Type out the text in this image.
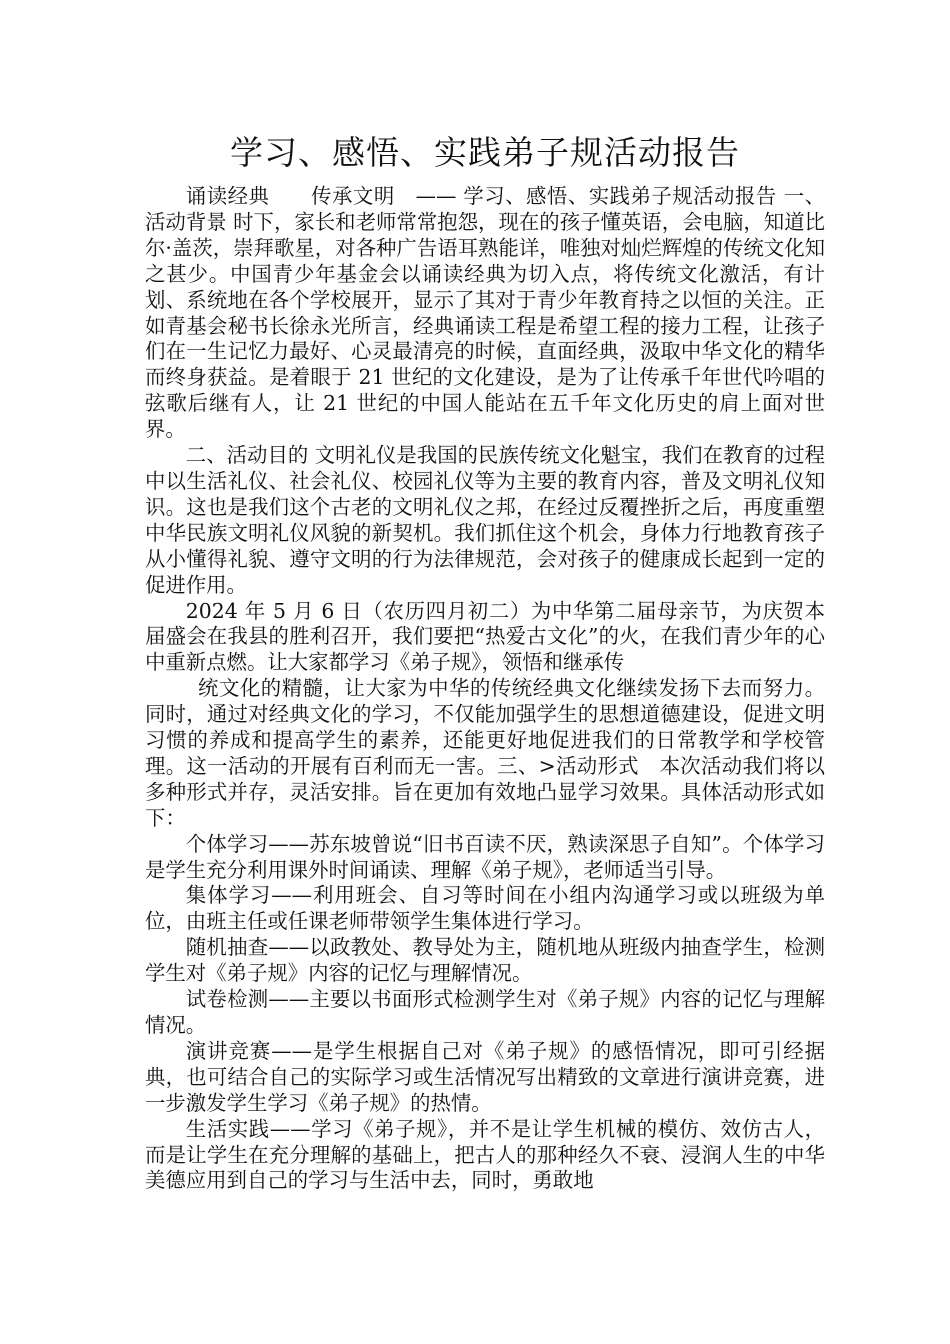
学习、感悟、实践弟子规活动报告

诵读经典　　传承文明　—— 学习、感悟、实践弟子规活动报告 一、活动背景 时下，家长和老师常常抱怨，现在的孩子懂英语，会电脑，知道比尔·盖茨，崇拜歌星，对各种广告语耳熟能详，唯独对灿烂辉煌的传统文化知之甚少。中国青少年基金会以诵读经典为切入点，将传统文化激活，有计划、系统地在各个学校展开，显示了其对于青少年教育持之以恒的关注。正如青基会秘书长徐永光所言，经典诵读工程是希望工程的接力工程，让孩子们在一生记忆力最好、心灵最清亮的时候，直面经典，汲取中华文化的精华而终身获益。是着眼于 21 世纪的文化建设，是为了让传承千年世代吟唱的弦歌后继有人，让 21 世纪的中国人能站在五千年文化历史的肩上面对世界。

二、活动目的 文明礼仪是我国的民族传统文化魁宝，我们在教育的过程中以生活礼仪、社会礼仪、校园礼仪等为主要的教育内容，普及文明礼仪知识。这也是我们这个古老的文明礼仪之邦，在经过反覆挫折之后，再度重塑中华民族文明礼仪风貌的新契机。我们抓住这个机会，身体力行地教育孩子从小懂得礼貌、遵守文明的行为法律规范，会对孩子的健康成长起到一定的促进作用。

2024 年 5 月 6 日（农历四月初二）为中华第二届母亲节，为庆贺本届盛会在我县的胜利召开，我们要把“热爱古文化”的火，在我们青少年的心中重新点燃。让大家都学习《弟子规》，领悟和继承传

统文化的精髓，让大家为中华的传统经典文化继续发扬下去而努力。同时，通过对经典文化的学习，不仅能加强学生的思想道德建设，促进文明习惯的养成和提高学生的素养，还能更好地促进我们的日常教学和学校管理。这一活动的开展有百利而无一害。三、>活动形式　本次活动我们将以多种形式并存，灵活安排。旨在更加有效地凸显学习效果。具体活动形式如下：

个体学习——苏东坡曾说“旧书百读不厌，熟读深思子自知”。个体学习是学生充分利用课外时间诵读、理解《弟子规》，老师适当引导。

集体学习——利用班会、自习等时间在小组内沟通学习或以班级为单位，由班主任或任课老师带领学生集体进行学习。

随机抽查——以政教处、教导处为主，随机地从班级内抽查学生，检测学生对《弟子规》内容的记忆与理解情况。

试卷检测——主要以书面形式检测学生对《弟子规》内容的记忆与理解情况。

演讲竞赛——是学生根据自己对《弟子规》的感悟情况，即可引经据典，也可结合自己的实际学习或生活情况写出精致的文章进行演讲竞赛，进一步激发学生学习《弟子规》的热情。

生活实践——学习《弟子规》，并不是让学生机械的模仿、效仿古人，而是让学生在充分理解的基础上，把古人的那种经久不衰、浸润人生的中华美德应用到自己的学习与生活中去，同时，勇敢地
